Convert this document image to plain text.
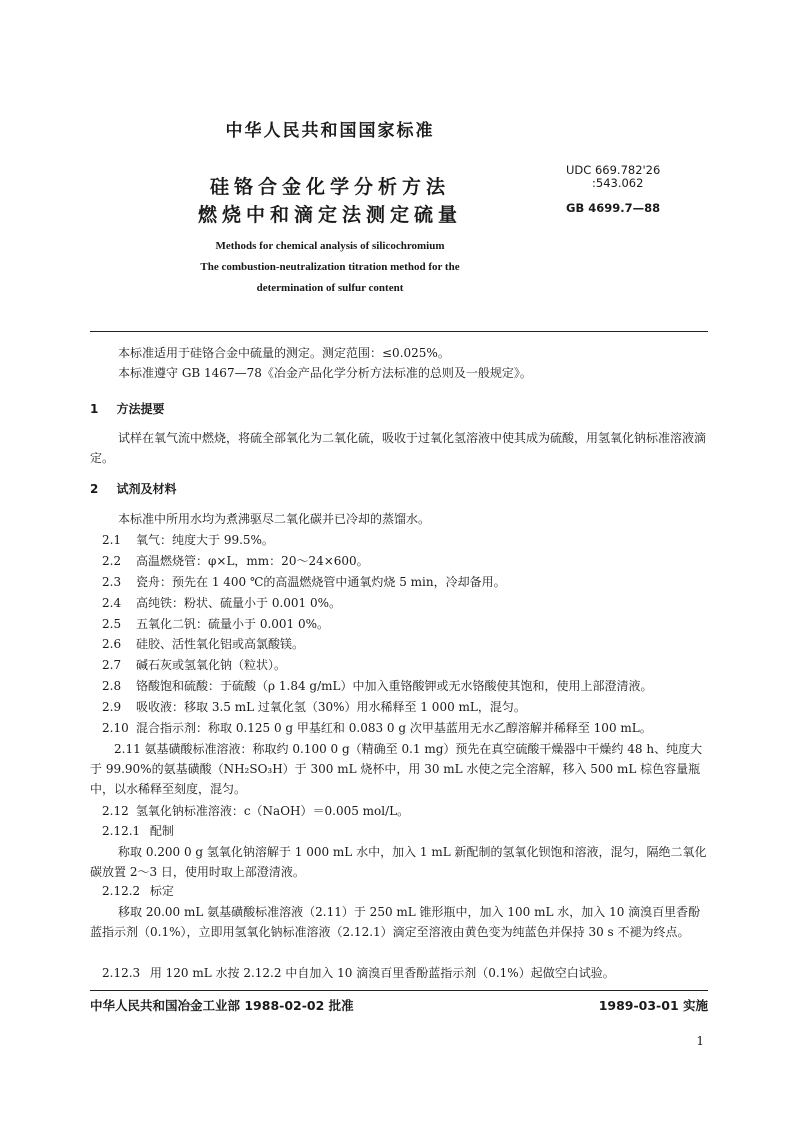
中华人民共和国国家标准
硅铬合金化学分析方法
燃烧中和滴定法测定硫量
UDC 669.782'26
:543.062
GB 4699.7—88
Methods for chemical analysis of silicochromium
The combustion-neutralization titration method for the
determination of sulfur content
本标准适用于硅铬合金中硫量的测定。测定范围：≤0.025%。
本标准遵守 GB 1467—78《冶金产品化学分析方法标准的总则及一般规定》。
1 方法提要
试样在氧气流中燃烧，将硫全部氧化为二氧化硫，吸收于过氧化氢溶液中使其成为硫酸，用氢氧化钠标准溶液滴定。
2 试剂及材料
本标准中所用水均为煮沸驱尽二氧化碳并已冷却的蒸馏水。
2.1 氧气：纯度大于 99.5%。
2.2 高温燃烧管：φ×L，mm：20～24×600。
2.3 瓷舟：预先在 1 400 ℃的高温燃烧管中通氧灼烧 5 min，冷却备用。
2.4 高纯铁：粉状、硫量小于 0.001 0%。
2.5 五氧化二钒：硫量小于 0.001 0%。
2.6 硅胶、活性氧化铝或高氯酸镁。
2.7 碱石灰或氢氧化钠（粒状）。
2.8 铬酸饱和硫酸：于硫酸（ρ 1.84 g/mL）中加入重铬酸钾或无水铬酸使其饱和，使用上部澄清液。
2.9 吸收液：移取 3.5 mL 过氧化氢（30%）用水稀释至 1 000 mL，混匀。
2.10 混合指示剂：称取 0.125 0 g 甲基红和 0.083 0 g 次甲基蓝用无水乙醇溶解并稀释至 100 mL。
2.11 氨基磺酸标准溶液：称取约 0.100 0 g（精确至 0.1 mg）预先在真空硫酸干燥器中干燥约 48 h、纯度大于 99.90%的氨基磺酸（NH₂SO₃H）于 300 mL 烧杯中，用 30 mL 水使之完全溶解，移入 500 mL 棕色容量瓶中，以水稀释至刻度，混匀。
2.12 氢氧化钠标准溶液：c（NaOH）＝0.005 mol/L。
2.12.1 配制
称取 0.200 0 g 氢氧化钠溶解于 1 000 mL 水中，加入 1 mL 新配制的氢氧化钡饱和溶液，混匀，隔绝二氧化碳放置 2～3 日，使用时取上部澄清液。
2.12.2 标定
移取 20.00 mL 氨基磺酸标准溶液（2.11）于 250 mL 锥形瓶中，加入 100 mL 水，加入 10 滴溴百里香酚蓝指示剂（0.1%），立即用氢氧化钠标准溶液（2.12.1）滴定至溶液由黄色变为纯蓝色并保持 30 s 不褪为终点。
2.12.3 用 120 mL 水按 2.12.2 中自加入 10 滴溴百里香酚蓝指示剂（0.1%）起做空白试验。
中华人民共和国冶金工业部 1988-02-02 批准	1989-03-01 实施
1
